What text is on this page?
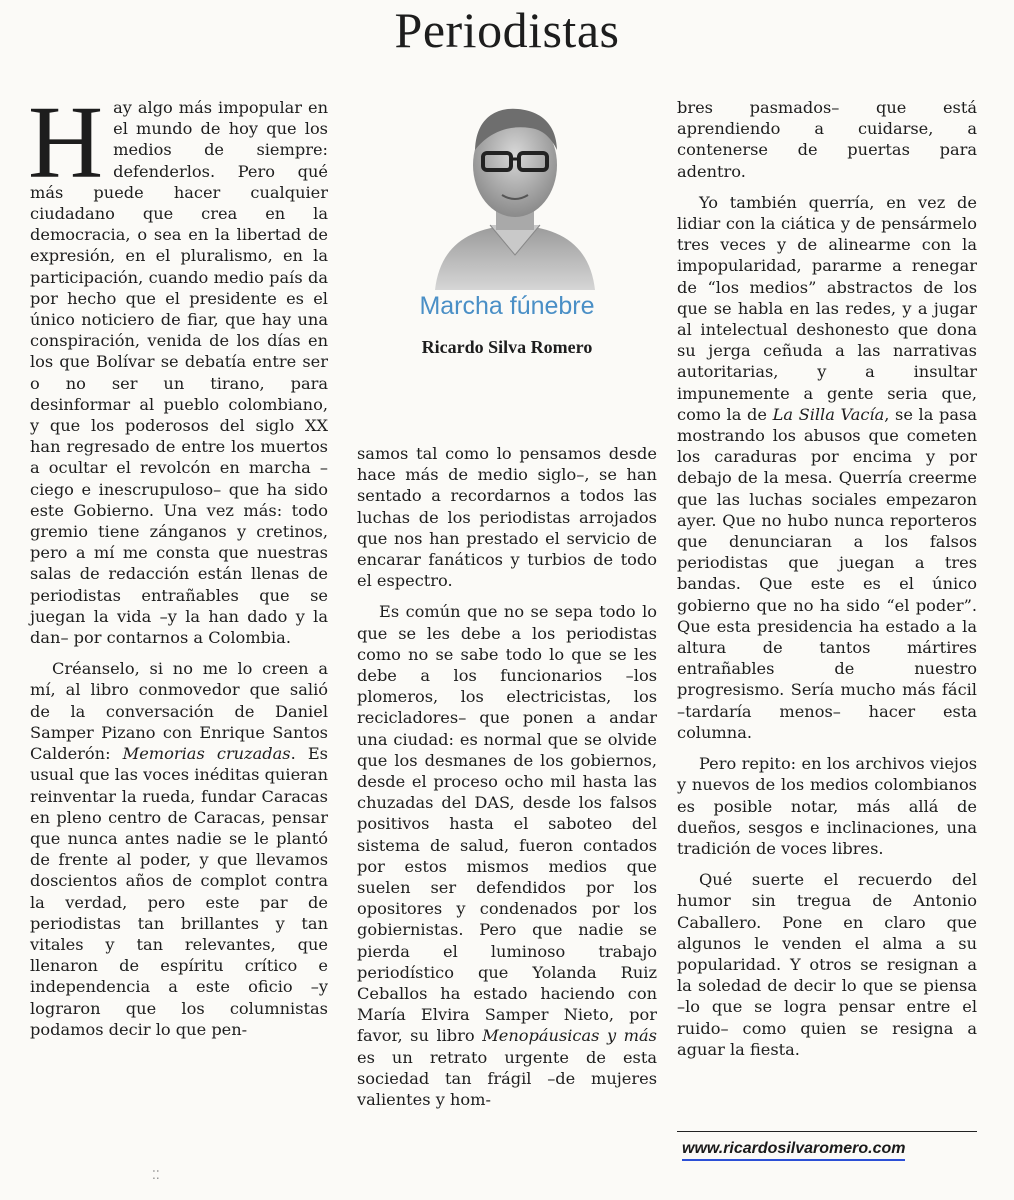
Periodistas

Hay algo más impopular en el mundo de hoy que los medios de siempre: defenderlos. Pero qué más puede hacer cualquier ciudadano que crea en la democracia, o sea en la libertad de expresión, en el pluralismo, en la participación, cuando medio país da por hecho que el presidente es el único noticiero de fiar, que hay una conspiración, venida de los días en los que Bolívar se debatía entre ser o no ser un tirano, para desinformar al pueblo colombiano, y que los poderosos del siglo XX han regresado de entre los muertos a ocultar el revolcón en marcha –ciego e inescrupuloso– que ha sido este Gobierno. Una vez más: todo gremio tiene zánganos y cretinos, pero a mí me consta que nuestras salas de redacción están llenas de periodistas entrañables que se juegan la vida –y la han dado y la dan– por contarnos a Colombia.

Créanselo, si no me lo creen a mí, al libro conmovedor que salió de la conversación de Daniel Samper Pizano con Enrique Santos Calderón: Memorias cruzadas. Es usual que las voces inéditas quieran reinventar la rueda, fundar Caracas en pleno centro de Caracas, pensar que nunca antes nadie se le plantó de frente al poder, y que llevamos doscientos años de complot contra la verdad, pero este par de periodistas tan brillantes y tan vitales y tan relevantes, que llenaron de espíritu crítico e independencia a este oficio –y lograron que los columnistas podamos decir lo que pen-

Marcha fúnebre
Ricardo Silva Romero

samos tal como lo pensamos desde hace más de medio siglo–, se han sentado a recordarnos a todos las luchas de los periodistas arrojados que nos han prestado el servicio de encarar fanáticos y turbios de todo el espectro.

Es común que no se sepa todo lo que se les debe a los periodistas como no se sabe todo lo que se les debe a los funcionarios –los plomeros, los electricistas, los recicladores– que ponen a andar una ciudad: es normal que se olvide que los desmanes de los gobiernos, desde el proceso ocho mil hasta las chuzadas del DAS, desde los falsos positivos hasta el saboteo del sistema de salud, fueron contados por estos mismos medios que suelen ser defendidos por los opositores y condenados por los gobiernistas. Pero que nadie se pierda el luminoso trabajo periodístico que Yolanda Ruiz Ceballos ha estado haciendo con María Elvira Samper Nieto, por favor, su libro Menopáusicas y más es un retrato urgente de esta sociedad tan frágil –de mujeres valientes y hom-

bres pasmados– que está aprendiendo a cuidarse, a contenerse de puertas para adentro.

Yo también querría, en vez de lidiar con la ciática y de pensármelo tres veces y de alinearme con la impopularidad, pararme a renegar de “los medios” abstractos de los que se habla en las redes, y a jugar al intelectual deshonesto que dona su jerga ceñuda a las narrativas autoritarias, y a insultar impunemente a gente seria que, como la de La Silla Vacía, se la pasa mostrando los abusos que cometen los caraduras por encima y por debajo de la mesa. Querría creerme que las luchas sociales empezaron ayer. Que no hubo nunca reporteros que denunciaran a los falsos periodistas que juegan a tres bandas. Que este es el único gobierno que no ha sido “el poder”. Que esta presidencia ha estado a la altura de tantos mártires entrañables de nuestro progresismo. Sería mucho más fácil –tardaría menos– hacer esta columna.

Pero repito: en los archivos viejos y nuevos de los medios colombianos es posible notar, más allá de dueños, sesgos e inclinaciones, una tradición de voces libres.

Qué suerte el recuerdo del humor sin tregua de Antonio Caballero. Pone en claro que algunos le venden el alma a su popularidad. Y otros se resignan a la soledad de decir lo que se piensa –lo que se logra pensar entre el ruido– como quien se resigna a aguar la fiesta.

www.ricardosilvaromero.com
⁚⁚
